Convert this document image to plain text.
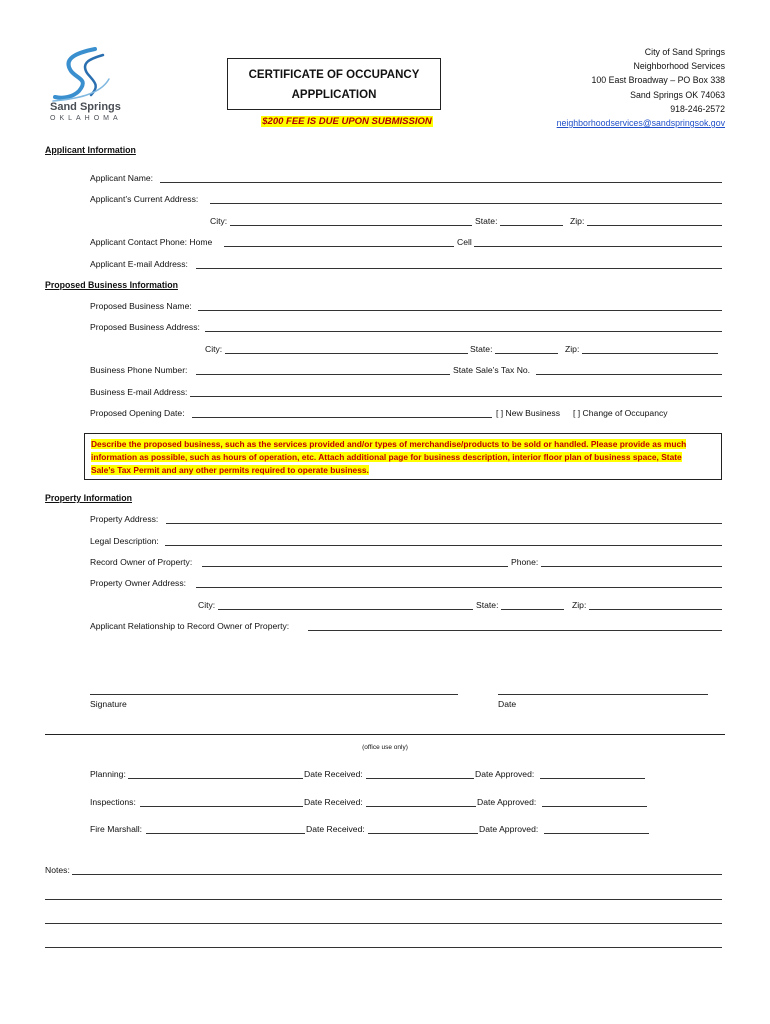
Sand Springs
OKLAHOMA
CERTIFICATE OF OCCUPANCY
APPPLICATION
$200 FEE IS DUE UPON SUBMISSION
City of Sand Springs
Neighborhood Services
100 East Broadway – PO Box 338
Sand Springs OK 74063
918-246-2572
neighborhoodservices@sandspringsok.gov
Applicant Information
Applicant Name:
Applicant’s Current Address:
City:	State:	Zip:
Applicant Contact Phone: Home	Cell
Applicant E-mail Address:
Proposed Business Information
Proposed Business Name:
Proposed Business Address:
City:	State:	Zip:
Business Phone Number:	State Sale’s Tax No.
Business E-mail Address:
Proposed Opening Date:	[ ] New Business [ ] Change of Occupancy
Describe the proposed business, such as the services provided and/or types of merchandise/products to be sold or handled. Please provide as much
information as possible, such as hours of operation, etc. Attach additional page for business description, interior floor plan of business space, State
Sale’s Tax Permit and any other permits required to operate business.
Property Information
Property Address:
Legal Description:
Record Owner of Property:	Phone:
Property Owner Address:
City:	State:	Zip:
Applicant Relationship to Record Owner of Property:
Signature	Date
(office use only)
Planning:	Date Received:	Date Approved:
Inspections:	Date Received:	Date Approved:
Fire Marshall:	Date Received:	Date Approved:
Notes:
